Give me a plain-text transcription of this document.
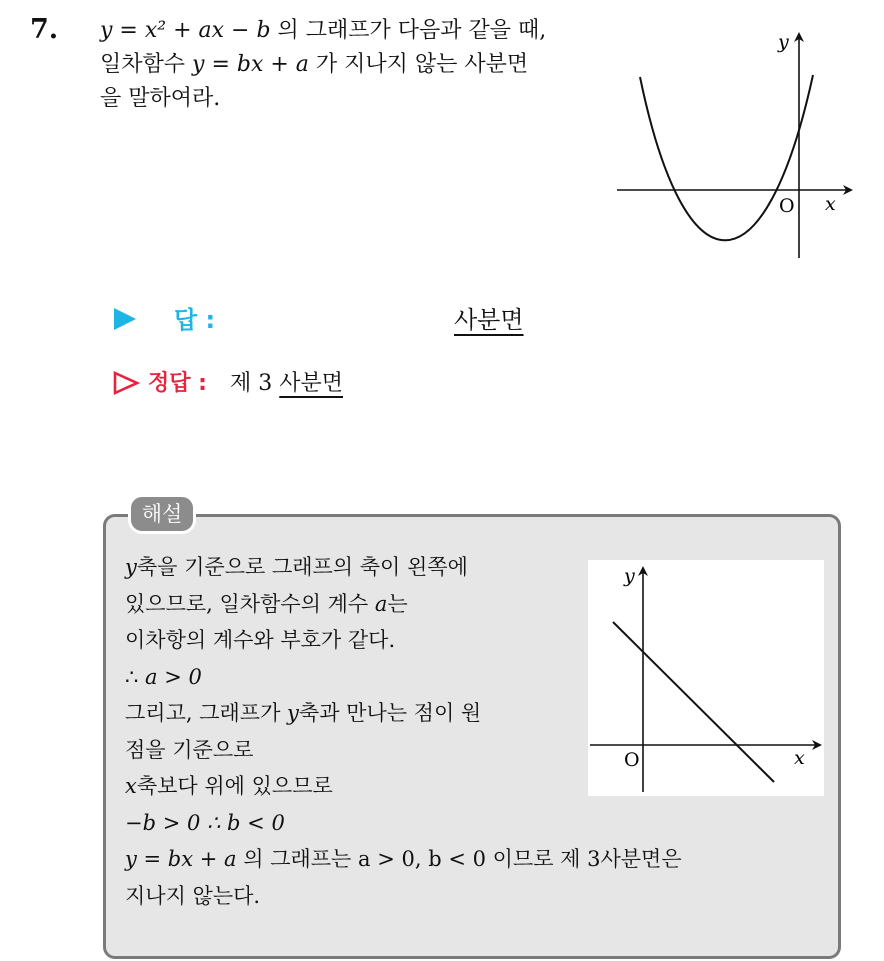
7. y = x² + ax − b 의 그래프가 다음과 같을 때,
일차함수 y = bx + a 가 지나지 않는 사분면
을 말하여라.
y
x
O
답 :	사분면
정답 : 제 3 사분면
해설
y축을 기준으로 그래프의 축이 왼쪽에
있으므로, 일차함수의 계수 a는
이차항의 계수와 부호가 같다.
∴ a > 0
그리고, 그래프가 y축과 만나는 점이 원
점을 기준으로
x축보다 위에 있으므로
−b > 0 ∴ b < 0
y = bx + a 의 그래프는 a > 0, b < 0 이므로 제 3사분면은
지나지 않는다.
y
x
O
